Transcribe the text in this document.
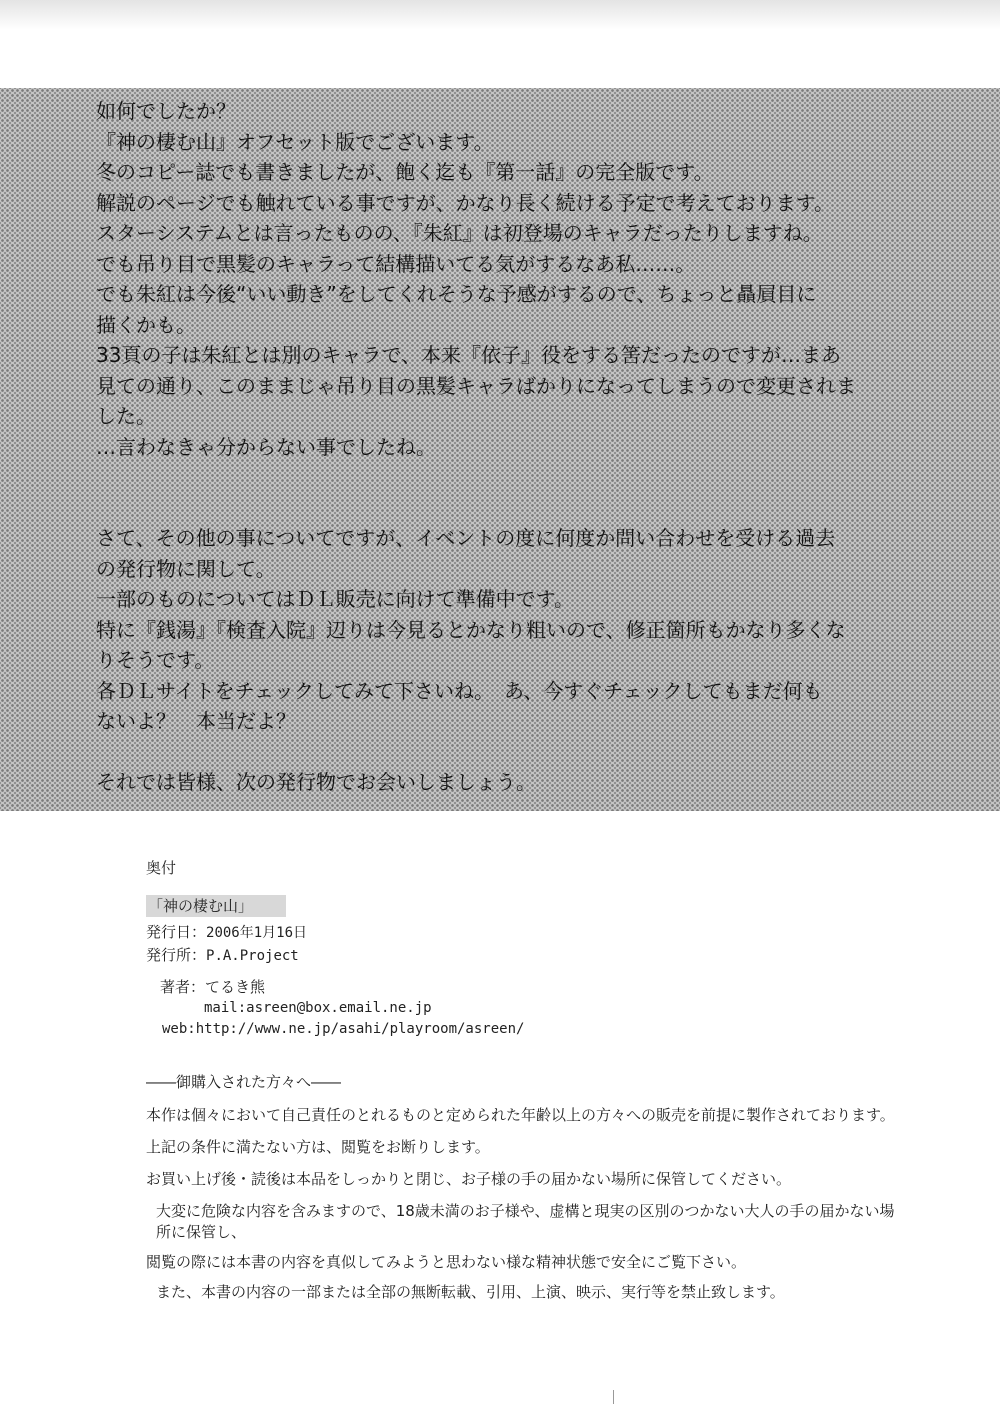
如何でしたか？

『神の棲む山』オフセット版でございます。

冬のコピー誌でも書きましたが、飽く迄も『第一話』の完全版です。

解説のページでも触れている事ですが、かなり長く続ける予定で考えております。

スターシステムとは言ったものの、『朱紅』は初登場のキャラだったりしますね。

でも吊り目で黒髪のキャラって結構描いてる気がするなあ私……。

でも朱紅は今後“いい動き”をしてくれそうな予感がするので、ちょっと贔屓目に

描くかも。

33頁の子は朱紅とは別のキャラで、本来『依子』役をする筈だったのですが…まあ

見ての通り、このままじゃ吊り目の黒髪キャラばかりになってしまうので変更されま

した。

…言わなきゃ分からない事でしたね。

さて、その他の事についてですが、イベントの度に何度か問い合わせを受ける過去

の発行物に関して。

一部のものについてはＤＬ販売に向けて準備中です。

特に『銭湯』『検査入院』辺りは今見るとかなり粗いので、修正箇所もかなり多くな

りそうです。

各ＤＬサイトをチェックしてみて下さいね。　あ、今すぐチェックしてもまだ何も

ないよ？　本当だよ？

それでは皆様、次の発行物でお会いしましょう。

奥付

「神の棲む山」
発行日：2006年1月16日
発行所：P.A.Project
著者：てるき熊
mail:asreen@box.email.ne.jp
web:http://www.ne.jp/asahi/playroom/asreen/

――御購入された方々へ――

本作は個々において自己責任のとれるものと定められた年齢以上の方々への販売を前提に製作されております。

上記の条件に満たない方は、閲覧をお断りします。

お買い上げ後・読後は本品をしっかりと閉じ、お子様の手の届かない場所に保管してください。

大変に危険な内容を含みますので、18歳未満のお子様や、虚構と現実の区別のつかない大人の手の届かない場所に保管し、

閲覧の際には本書の内容を真似してみようと思わない様な精神状態で安全にご覧下さい。

また、本書の内容の一部または全部の無断転載、引用、上演、映示、実行等を禁止致します。
